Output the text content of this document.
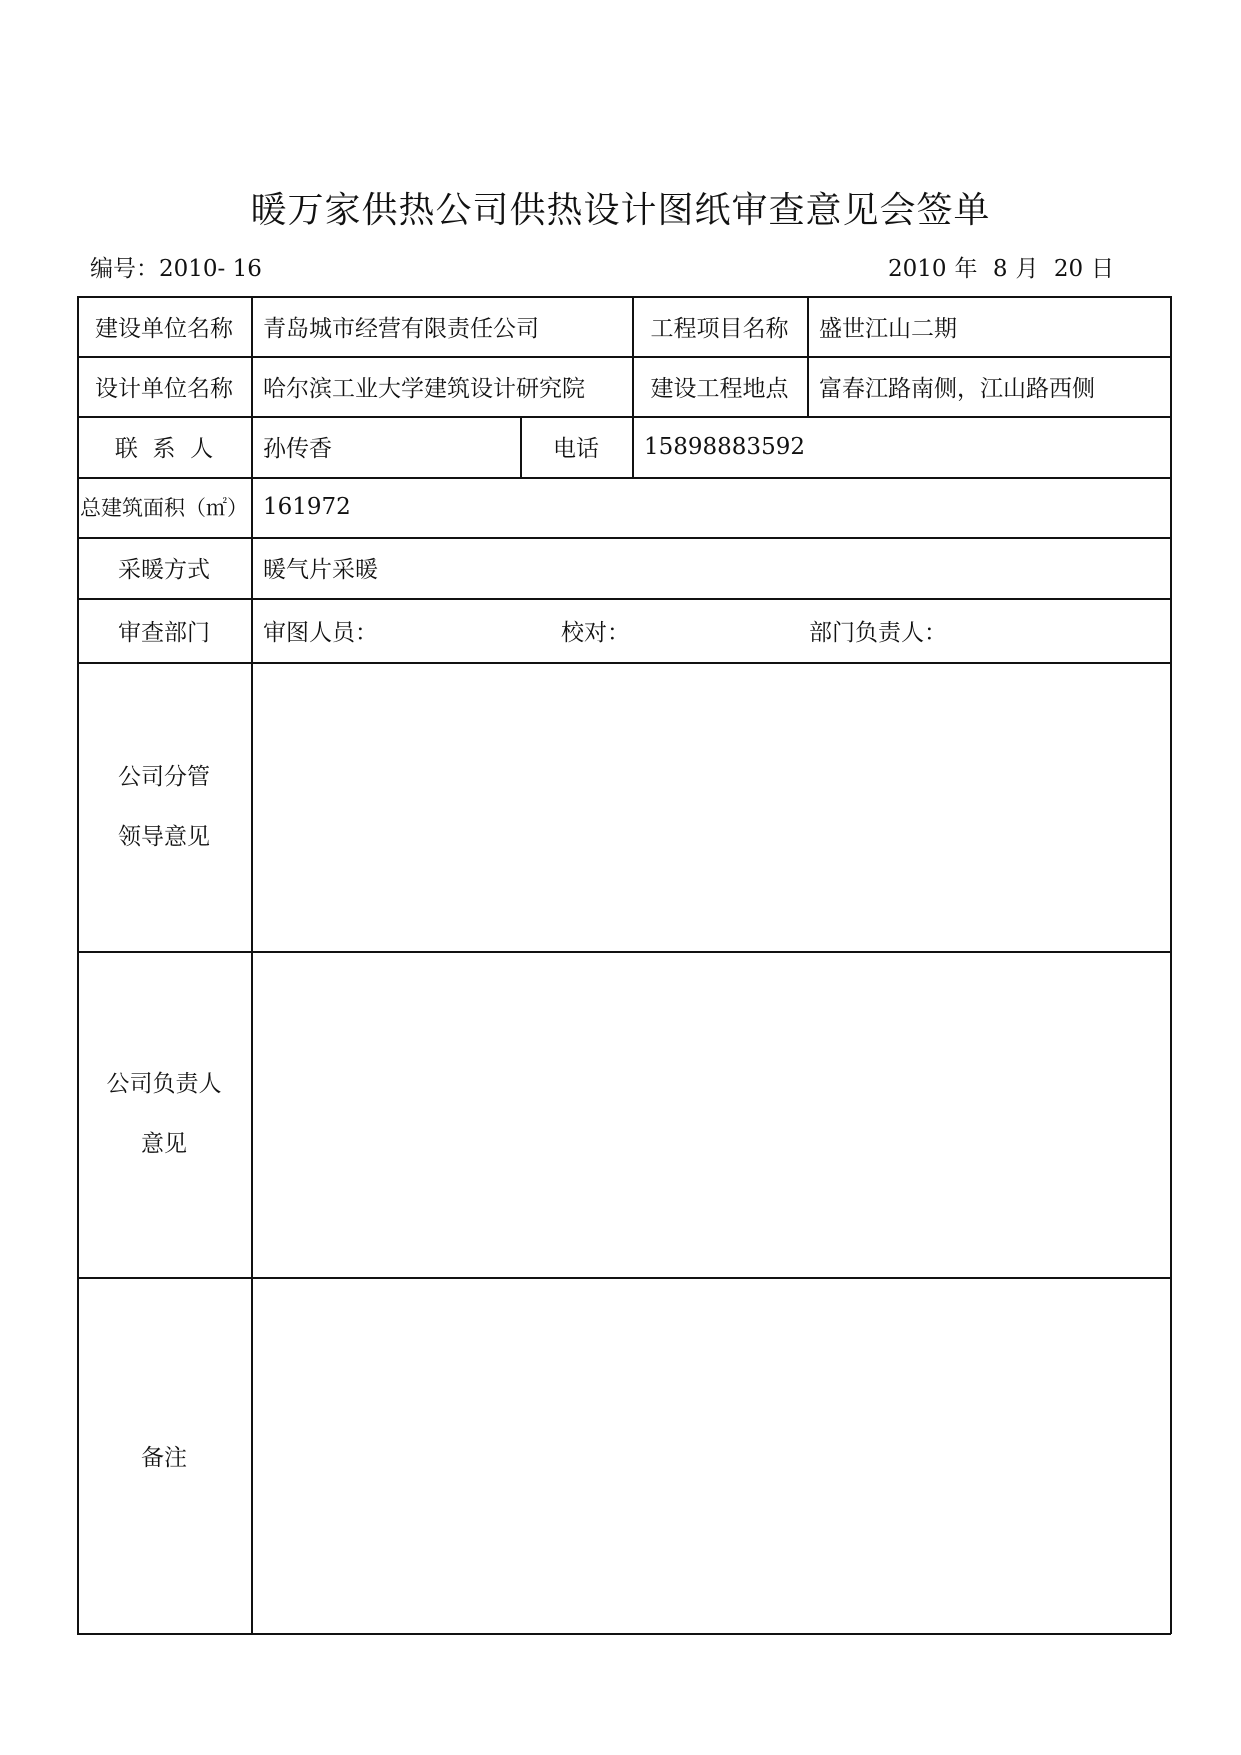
暖万家供热公司供热设计图纸审查意见会签单
编号：2010- 16	2010 年 8 月 20 日
建设单位名称	青岛城市经营有限责任公司	工程项目名称	盛世江山二期
设计单位名称	哈尔滨工业大学建筑设计研究院	建设工程地点	富春江路南侧，江山路西侧
联  系  人	孙传香	电话	15898883592
总建筑面积（㎡） 161972
采暖方式	暖气片采暖
审查部门	审图人员：	校对：	部门负责人：
公司分管
领导意见
公司负责人
意见
备注
